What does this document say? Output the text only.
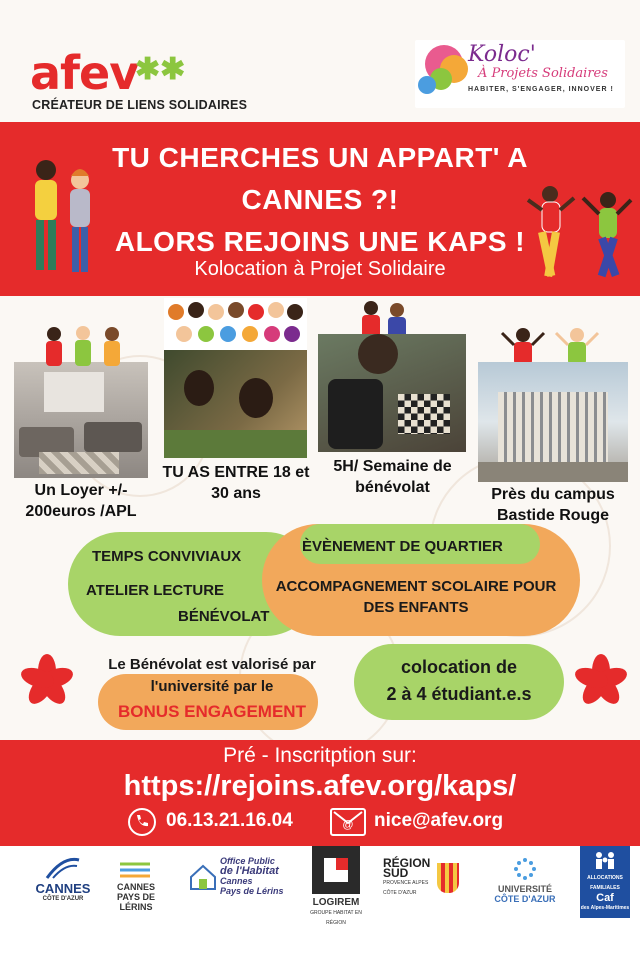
afev
✱✱
CRÉATEUR DE LIENS SOLIDAIRES
Koloc'
À Projets Solidaires
HABITER, S'ENGAGER, INNOVER !
TU CHERCHES UN APPART' A
CANNES ?!
ALORS REJOINS UNE KAPS !
Kolocation à Projet Solidaire
Un Loyer +/-
200euros /APL
TU AS ENTRE 18 et
30 ans
5H/ Semaine de
bénévolat	Près du campus
Bastide Rouge
TEMPS CONVIVIAUX
ÈVÈNEMENT DE QUARTIER
ATELIER LECTURE	ACCOMPAGNEMENT SCOLAIRE POUR
DES ENFANTS
BÉNÉVOLAT
Le Bénévolat est valorisé par
l'université par le
BONUS ENGAGEMENT
colocation de
2 à 4 étudiant.e.s
Pré - Inscritption sur:
https://rejoins.afev.org/kaps/
06.13.21.16.04	@ nice@afev.org
CANNES
CÔTE D'AZUR
CANNES
PAYS DE
LÉRINS
Office Public
de l'Habitat
Cannes
Pays de Lérins
LOGIREM
GROUPE HABITAT EN RÉGION
RÉGION
SUD
PROVENCE ALPES CÔTE D'AZUR	UNIVERSITÉ
CÔTE D'AZUR
ALLOCATIONS FAMILIALES
Caf
des Alpes-Maritimes
